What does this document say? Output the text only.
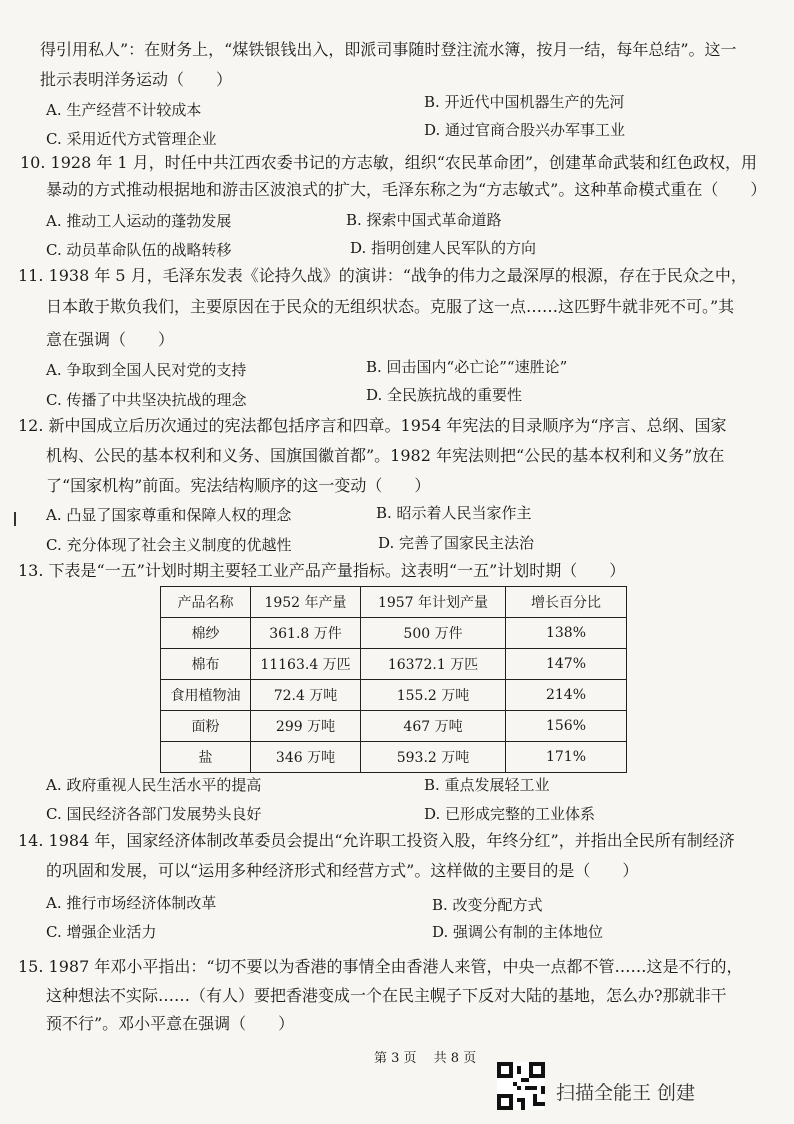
得引用私人”：在财务上，“煤铁银钱出入，即派司事随时登注流水簿，按月一结，每年总结”。这一
批示表明洋务运动（　　）
A. 生产经营不计较成本	B. 开近代中国机器生产的先河
C. 采用近代方式管理企业	D. 通过官商合股兴办军事工业
10. 1928 年 1 月，时任中共江西农委书记的方志敏，组织“农民革命团”，创建革命武装和红色政权，用
暴动的方式推动根据地和游击区波浪式的扩大，毛泽东称之为“方志敏式”。这种革命模式重在（　　）
A. 推动工人运动的蓬勃发展	B. 探索中国式革命道路
C. 动员革命队伍的战略转移	D. 指明创建人民军队的方向
11. 1938 年 5 月，毛泽东发表《论持久战》的演讲：“战争的伟力之最深厚的根源，存在于民众之中，
日本敢于欺负我们，主要原因在于民众的无组织状态。克服了这一点……这匹野牛就非死不可。”其
意在强调（　　）
A. 争取到全国人民对党的支持	B. 回击国内“必亡论”“速胜论”
C. 传播了中共坚决抗战的理念	D. 全民族抗战的重要性
12. 新中国成立后历次通过的宪法都包括序言和四章。1954 年宪法的目录顺序为“序言、总纲、国家
机构、公民的基本权利和义务、国旗国徽首都”。1982 年宪法则把“公民的基本权利和义务”放在
了“国家机构”前面。宪法结构顺序的这一变动（　　）
A. 凸显了国家尊重和保障人权的理念	B. 昭示着人民当家作主
C. 充分体现了社会主义制度的优越性	D. 完善了国家民主法治
13. 下表是“一五”计划时期主要轻工业产品产量指标。这表明“一五”计划时期（　　）
产品名称	1952 年产量	1957 年计划产量	增长百分比
棉纱	361.8 万件	500 万件	138%
棉布	11163.4 万匹	16372.1 万匹	147%
食用植物油	72.4 万吨	155.2 万吨	214%
面粉	299 万吨	467 万吨	156%
盐	346 万吨	593.2 万吨	171%
A. 政府重视人民生活水平的提高	B. 重点发展轻工业
C. 国民经济各部门发展势头良好	D. 已形成完整的工业体系
14. 1984 年，国家经济体制改革委员会提出“允许职工投资入股，年终分红”，并指出全民所有制经济
的巩固和发展，可以“运用多种经济形式和经营方式”。这样做的主要目的是（　　）
A. 推行市场经济体制改革	B. 改变分配方式
C. 增强企业活力	D. 强调公有制的主体地位
15. 1987 年邓小平指出：“切不要以为香港的事情全由香港人来管，中央一点都不管……这是不行的，
这种想法不实际……（有人）要把香港变成一个在民主幌子下反对大陆的基地，怎么办?那就非干
预不行”。邓小平意在强调（　　）
第 3 页　 共 8 页
扫描全能王 创建
